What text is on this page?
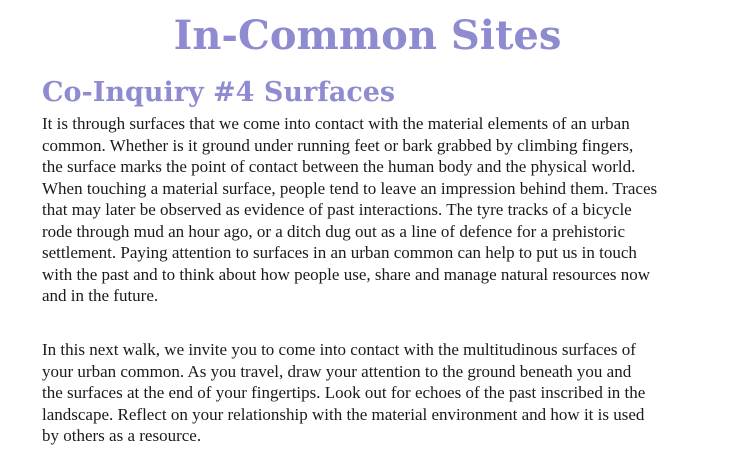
In-Common Sites
Co-Inquiry #4 Surfaces

It is through surfaces that we come into contact with the material elements of an urban
common. Whether is it ground under running feet or bark grabbed by climbing fingers,
the surface marks the point of contact between the human body and the physical world.
When touching a material surface, people tend to leave an impression behind them. Traces
that may later be observed as evidence of past interactions. The tyre tracks of a bicycle
rode through mud an hour ago, or a ditch dug out as a line of defence for a prehistoric
settlement. Paying attention to surfaces in an urban common can help to put us in touch
with the past and to think about how people use, share and manage natural resources now
and in the future.

In this next walk, we invite you to come into contact with the multitudinous surfaces of
your urban common. As you travel, draw your attention to the ground beneath you and
the surfaces at the end of your fingertips. Look out for echoes of the past inscribed in the
landscape. Reflect on your relationship with the material environment and how it is used
by others as a resource.
